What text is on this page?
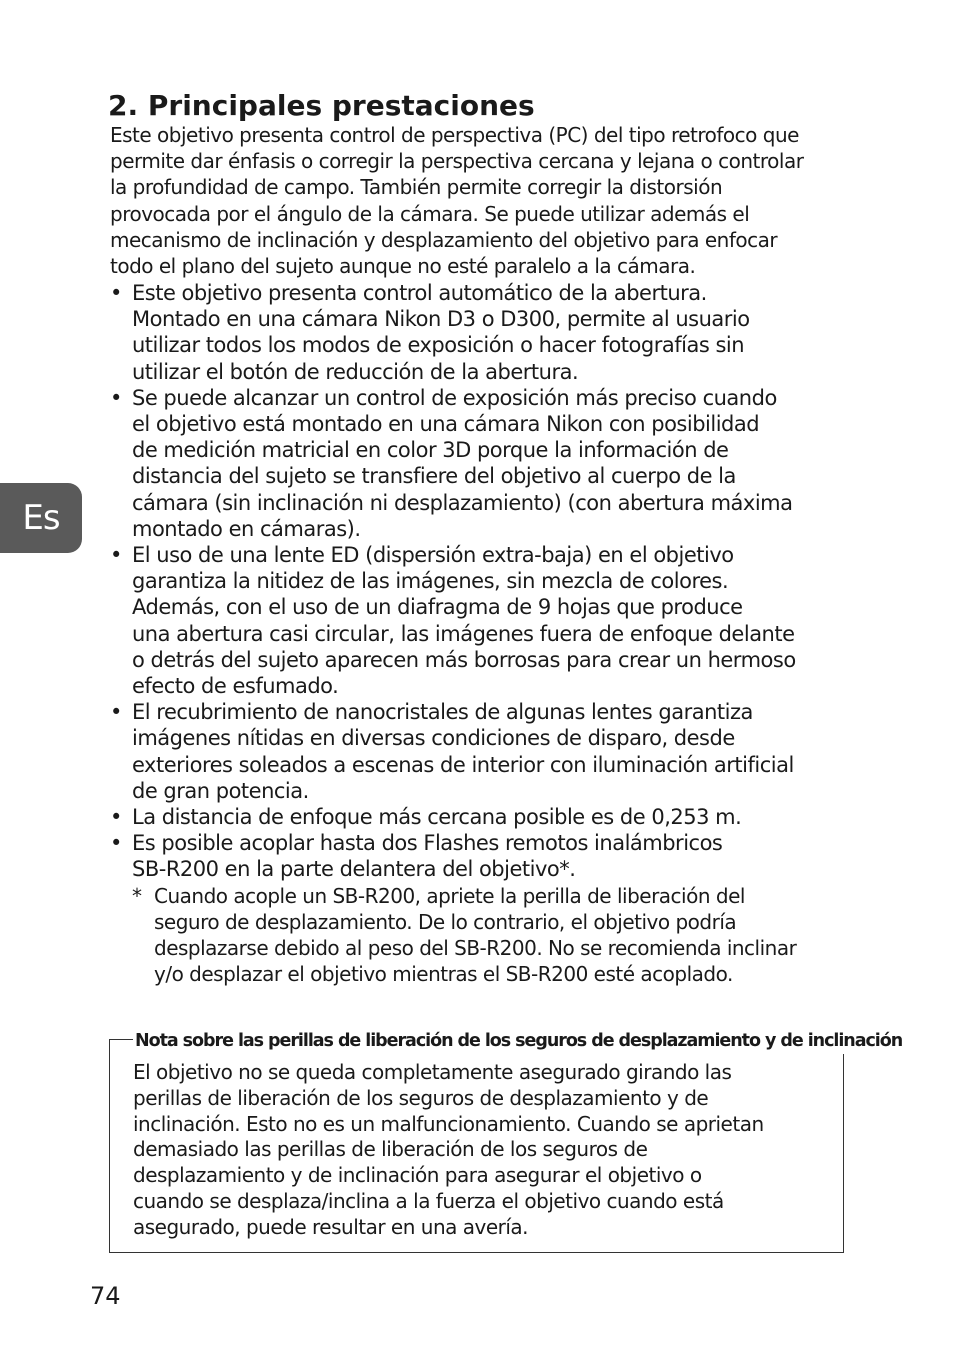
2. Principales prestaciones

Este objetivo presenta control de perspectiva (PC) del tipo retrofoco que
permite dar énfasis o corregir la perspectiva cercana y lejana o controlar
la profundidad de campo. También permite corregir la distorsión
provocada por el ángulo de la cámara. Se puede utilizar además el
mecanismo de inclinación y desplazamiento del objetivo para enfocar
todo el plano del sujeto aunque no esté paralelo a la cámara.

• Este objetivo presenta control automático de la abertura.
Montado en una cámara Nikon D3 o D300, permite al usuario
utilizar todos los modos de exposición o hacer fotografías sin
utilizar el botón de reducción de la abertura.
• Se puede alcanzar un control de exposición más preciso cuando
el objetivo está montado en una cámara Nikon con posibilidad
de medición matricial en color 3D porque la información de
distancia del sujeto se transfiere del objetivo al cuerpo de la
cámara (sin inclinación ni desplazamiento) (con abertura máxima
montado en cámaras).
• El uso de una lente ED (dispersión extra-baja) en el objetivo
garantiza la nitidez de las imágenes, sin mezcla de colores.
Además, con el uso de un diafragma de 9 hojas que produce
una abertura casi circular, las imágenes fuera de enfoque delante
o detrás del sujeto aparecen más borrosas para crear un hermoso
efecto de esfumado.
• El recubrimiento de nanocristales de algunas lentes garantiza
imágenes nítidas en diversas condiciones de disparo, desde
exteriores soleados a escenas de interior con iluminación artificial
de gran potencia.
• La distancia de enfoque más cercana posible es de 0,253 m.
• Es posible acoplar hasta dos Flashes remotos inalámbricos
SB-R200 en la parte delantera del objetivo*.
* Cuando acople un SB-R200, apriete la perilla de liberación del
seguro de desplazamiento. De lo contrario, el objetivo podría
desplazarse debido al peso del SB-R200. No se recomienda inclinar
y/o desplazar el objetivo mientras el SB-R200 esté acoplado.
Es
Nota sobre las perillas de liberación de los seguros de desplazamiento y de inclinación

El objetivo no se queda completamente asegurado girando las
perillas de liberación de los seguros de desplazamiento y de
inclinación. Esto no es un malfuncionamiento. Cuando se aprietan
demasiado las perillas de liberación de los seguros de
desplazamiento y de inclinación para asegurar el objetivo o
cuando se desplaza/inclina a la fuerza el objetivo cuando está
asegurado, puede resultar en una avería.

74
